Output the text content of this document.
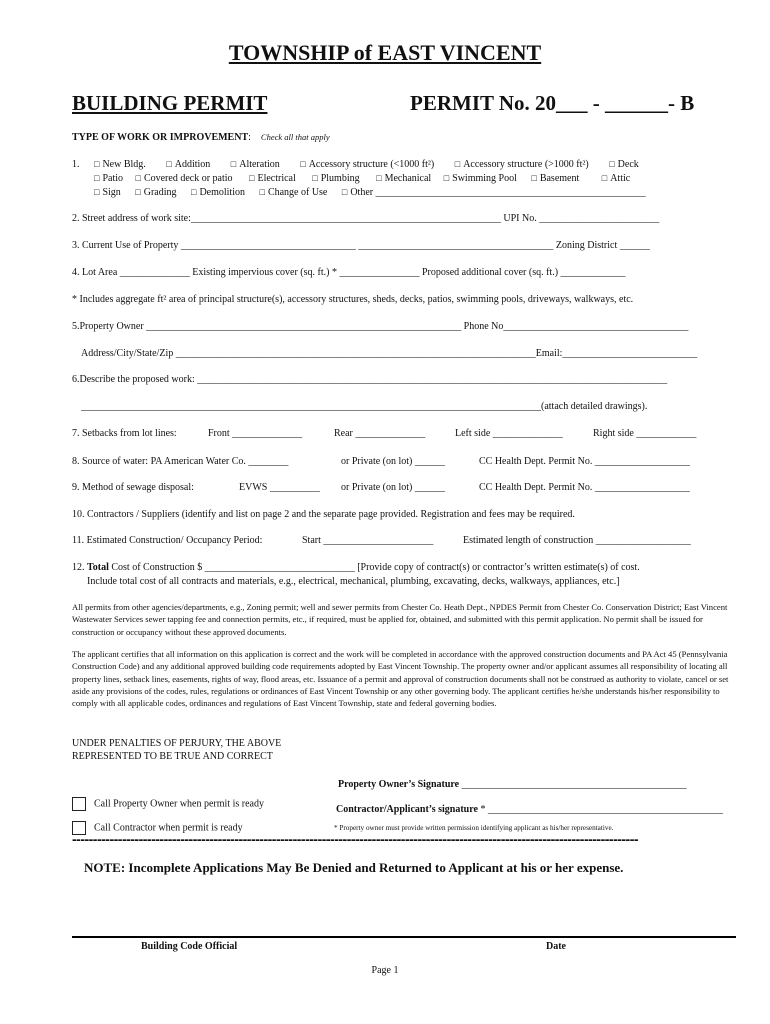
TOWNSHIP of EAST VINCENT
BUILDING PERMIT	PERMIT No. 20___ - ______- B
TYPE OF WORK OR IMPROVEMENT:    Check all that apply
1. □ New Bldg. □ Addition □ Alteration □ Accessory structure (<1000 ft²) □ Accessory structure (>1000 ft²) □ Deck
□ Patio □ Covered deck or patio □ Electrical □ Plumbing □ Mechanical □ Swimming Pool □ Basement	□ Attic
□ Sign □ Grading □ Demolition □ Change of Use □ Other ______________________________________________________
2. Street address of work site:______________________________________________________________ UPI No. ________________________
3. Current Use of Property ___________________________________ _______________________________________ Zoning District ______
4. Lot Area ______________ Existing impervious cover (sq. ft.) * ________________ Proposed additional cover (sq. ft.) _____________
* Includes aggregate ft² area of principal structure(s), accessory structures, sheds, decks, patios, swimming pools, driveways, walkways, etc.
5.Property Owner _______________________________________________________________ Phone No_____________________________________
Address/City/State/Zip ________________________________________________________________________Email:___________________________
6.Describe the proposed work: ______________________________________________________________________________________________
____________________________________________________________________________________________(attach detailed drawings).
7. Setbacks from lot lines:	Front ______________	Rear ______________	Left side ______________	Right side ____________
8. Source of water: PA American Water Co. ________	or Private (on lot) ______	CC Health Dept. Permit No. ___________________
9. Method of sewage disposal:	EVWS __________ or Private (on lot) ______	CC Health Dept. Permit No. ___________________
10. Contractors / Suppliers (identify and list on page 2 and the separate page provided. Registration and fees may be required.
11. Estimated Construction/ Occupancy Period:	Start ______________________	Estimated length of construction ___________________
12. Total Cost of Construction $ ______________________________ [Provide copy of contract(s) or contractor’s written estimate(s) of cost.
Include total cost of all contracts and materials, e.g., electrical, mechanical, plumbing, excavating, decks, walkways, appliances, etc.]
All permits from other agencies/departments, e.g., Zoning permit; well and sewer permits from Chester Co. Heath Dept., NPDES Permit from Chester Co. Conservation District; East Vincent Wastewater Services sewer tapping fee and connection permits, etc., if required, must be applied for, obtained, and submitted with this permit application. No permit shall be issued for construction or occupancy without these approved documents.
The applicant certifies that all information on this application is correct and the work will be completed in accordance with the approved construction documents and PA Act 45 (Pennsylvania Construction Code) and any additional approved building code requirements adopted by East Vincent Township. The property owner and/or applicant assumes all responsibility of locating all property lines, setback lines, easements, rights of way, flood areas, etc. Issuance of a permit and approval of construction documents shall not be construed as authority to violate, cancel or set aside any provisions of the codes, rules, regulations or ordinances of East Vincent Township or any other governing body. The applicant certifies he/she understands his/her responsibility to comply with all applicable codes, ordinances and regulations of East Vincent Township, state and federal governing bodies.
UNDER PENALTIES OF PERJURY, THE ABOVE
REPRESENTED TO BE TRUE AND CORRECT
Property Owner’s Signature _____________________________________________
Contractor/Applicant’s signature * _______________________________________________
Call Property Owner when permit is ready
Call Contractor when permit is ready	* Property owner must provide written permission identifying applicant as his/her representative.
----------------------------------------------------------------------------------------------------------------------------------------
NOTE: Incomplete Applications May Be Denied and Returned to Applicant at his or her expense.
Building Code Official	Date
Page 1
